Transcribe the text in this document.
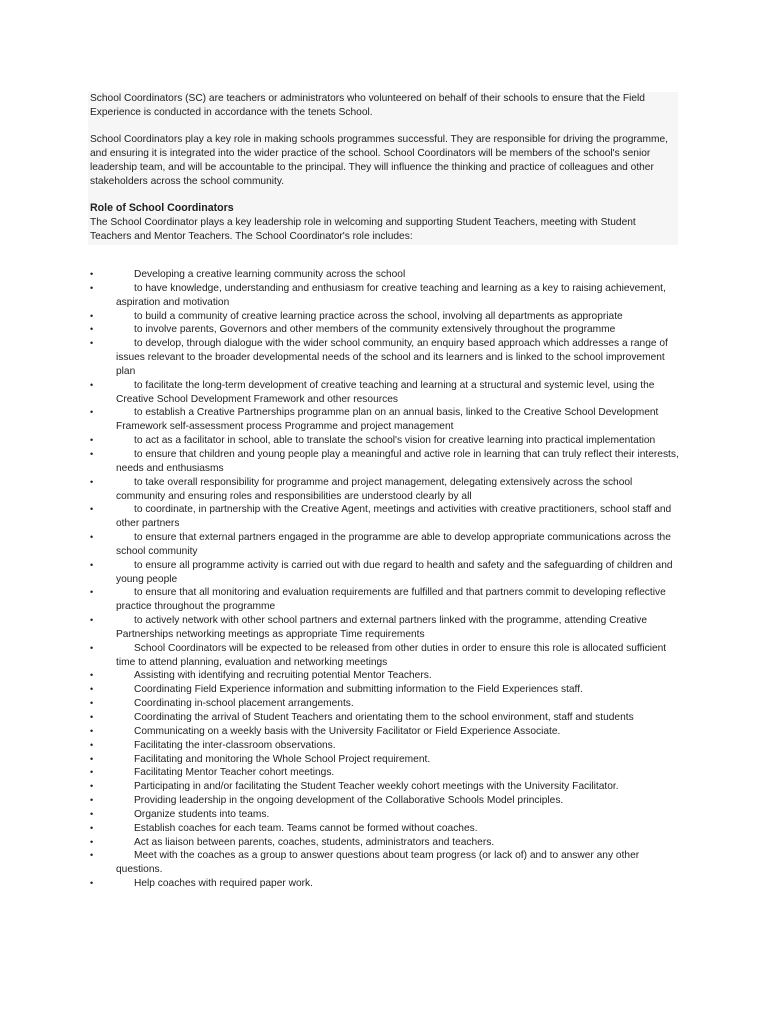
School Coordinators (SC) are teachers or administrators who volunteered on behalf of their schools to ensure that the Field Experience is conducted in accordance with the tenets School.

School Coordinators play a key role in making schools programmes successful. They are responsible for driving the programme, and ensuring it is integrated into the wider practice of the school. School Coordinators will be members of the school's senior leadership team, and will be accountable to the principal. They will influence the thinking and practice of colleagues and other stakeholders across the school community.

Role of School Coordinators

The School Coordinator plays a key leadership role in welcoming and supporting Student Teachers, meeting with Student Teachers and Mentor Teachers. The School Coordinator's role includes:

•	Developing a creative learning community across the school
•	to have knowledge, understanding and enthusiasm for creative teaching and learning as a key to raising achievement, aspiration and motivation
•	to build a community of creative learning practice across the school, involving all departments as appropriate
•	to involve parents, Governors and other members of the community extensively throughout the programme
•	to develop, through dialogue with the wider school community, an enquiry based approach which addresses a range of issues relevant to the broader developmental needs of the school and its learners and is linked to the school improvement plan
•	to facilitate the long-term development of creative teaching and learning at a structural and systemic level, using the Creative School Development Framework and other resources
•	to establish a Creative Partnerships programme plan on an annual basis, linked to the Creative School Development Framework self-assessment process Programme and project management
•	to act as a facilitator in school, able to translate the school's vision for creative learning into practical implementation
•	to ensure that children and young people play a meaningful and active role in learning that can truly reflect their interests, needs and enthusiasms
•	to take overall responsibility for programme and project management, delegating extensively across the school community and ensuring roles and responsibilities are understood clearly by all
•	to coordinate, in partnership with the Creative Agent, meetings and activities with creative practitioners, school staff and other partners
•	to ensure that external partners engaged in the programme are able to develop appropriate communications across the school community
•	to ensure all programme activity is carried out with due regard to health and safety and the safeguarding of children and young people
•	to ensure that all monitoring and evaluation requirements are fulfilled and that partners commit to developing reflective practice throughout the programme
•	to actively network with other school partners and external partners linked with the programme, attending Creative Partnerships networking meetings as appropriate Time requirements
•	School Coordinators will be expected to be released from other duties in order to ensure this role is allocated sufficient time to attend planning, evaluation and networking meetings
•	Assisting with identifying and recruiting potential Mentor Teachers.
•	Coordinating Field Experience information and submitting information to the Field Experiences staff.
•	Coordinating in-school placement arrangements.
•	Coordinating the arrival of Student Teachers and orientating them to the school environment, staff and students
•	Communicating on a weekly basis with the University Facilitator or Field Experience Associate.
•	Facilitating the inter-classroom observations.
•	Facilitating and monitoring the Whole School Project requirement.
•	Facilitating Mentor Teacher cohort meetings.
•	Participating in and/or facilitating the Student Teacher weekly cohort meetings with the University Facilitator.
•	Providing leadership in the ongoing development of the Collaborative Schools Model principles.
•	Organize students into teams.
•	Establish coaches for each team. Teams cannot be formed without coaches.
•	Act as liaison between parents, coaches, students, administrators and teachers.
•	Meet with the coaches as a group to answer questions about team progress (or lack of) and to answer any other questions.
•	Help coaches with required paper work.
